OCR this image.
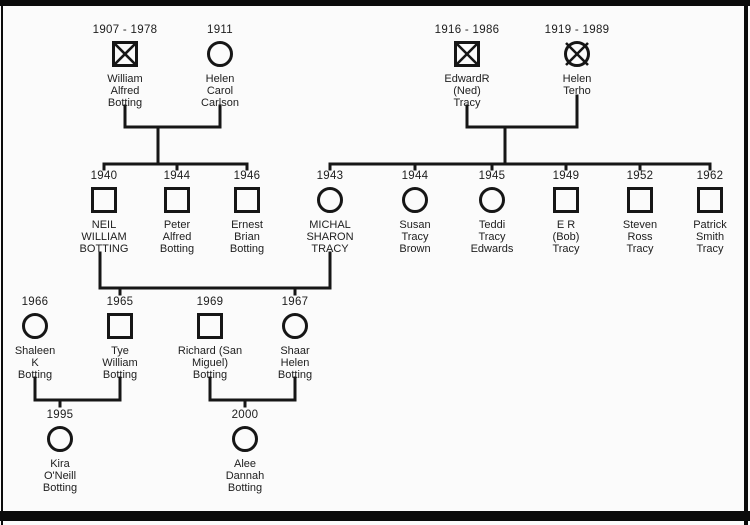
1907 - 1978
William
Alfred
Botting
1911
Helen
Carol
Carlson
1916 - 1986
EdwardR
(Ned)
Tracy
1919 - 1989
Helen
Terho
1940
NEIL
WILLIAM
BOTTING
1944
Peter
Alfred
Botting
1946
Ernest
Brian
Botting
1943
MICHAL
SHARON
TRACY
1944
Susan
Tracy
Brown
1945
Teddi
Tracy
Edwards
1949
E R
(Bob)
Tracy
1952
Steven
Ross
Tracy
1962
Patrick
Smith
Tracy
1966
Shaleen
K
Botting
1965
Tye
William
Botting
1969
Richard (San
Miguel)
Botting
1967
Shaar
Helen
Botting
1995
Kira
O'Neill
Botting
2000
Alee
Dannah
Botting
